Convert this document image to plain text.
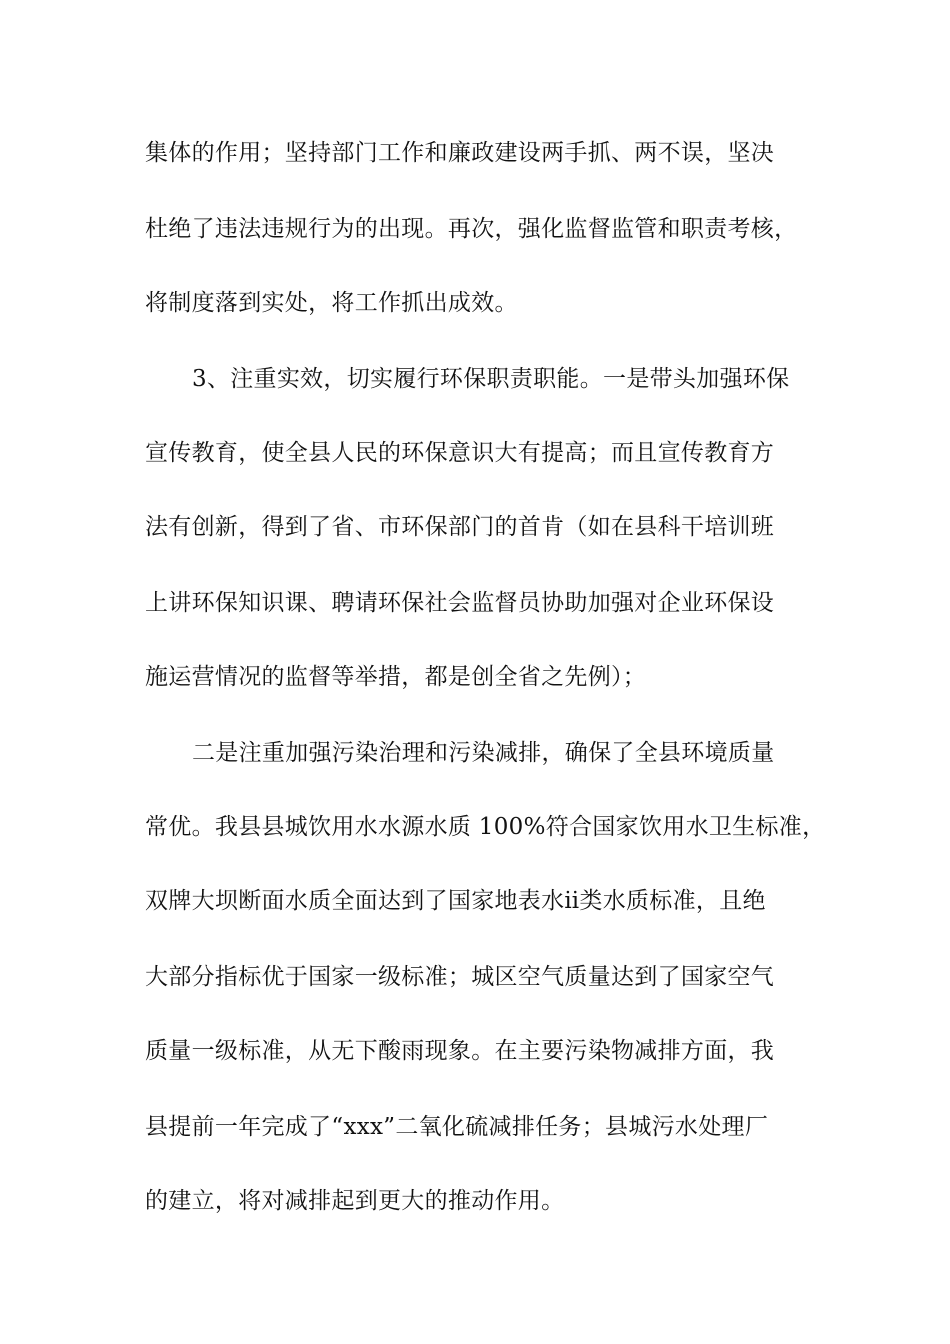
集体的作用；坚持部门工作和廉政建设两手抓、两不误，坚决
杜绝了违法违规行为的出现。再次，强化监督监管和职责考核，
将制度落到实处，将工作抓出成效。
3、注重实效，切实履行环保职责职能。一是带头加强环保
宣传教育，使全县人民的环保意识大有提高；而且宣传教育方
法有创新，得到了省、市环保部门的首肯（如在县科干培训班
上讲环保知识课、聘请环保社会监督员协助加强对企业环保设
施运营情况的监督等举措，都是创全省之先例）；
二是注重加强污染治理和污染减排，确保了全县环境质量
常优。我县县城饮用水水源水质 100%符合国家饮用水卫生标准，
双牌大坝断面水质全面达到了国家地表水ⅱ类水质标准，且绝
大部分指标优于国家一级标准；城区空气质量达到了国家空气
质量一级标准，从无下酸雨现象。在主要污染物减排方面，我
县提前一年完成了“xxx”二氧化硫减排任务；县城污水处理厂
的建立，将对减排起到更大的推动作用。
